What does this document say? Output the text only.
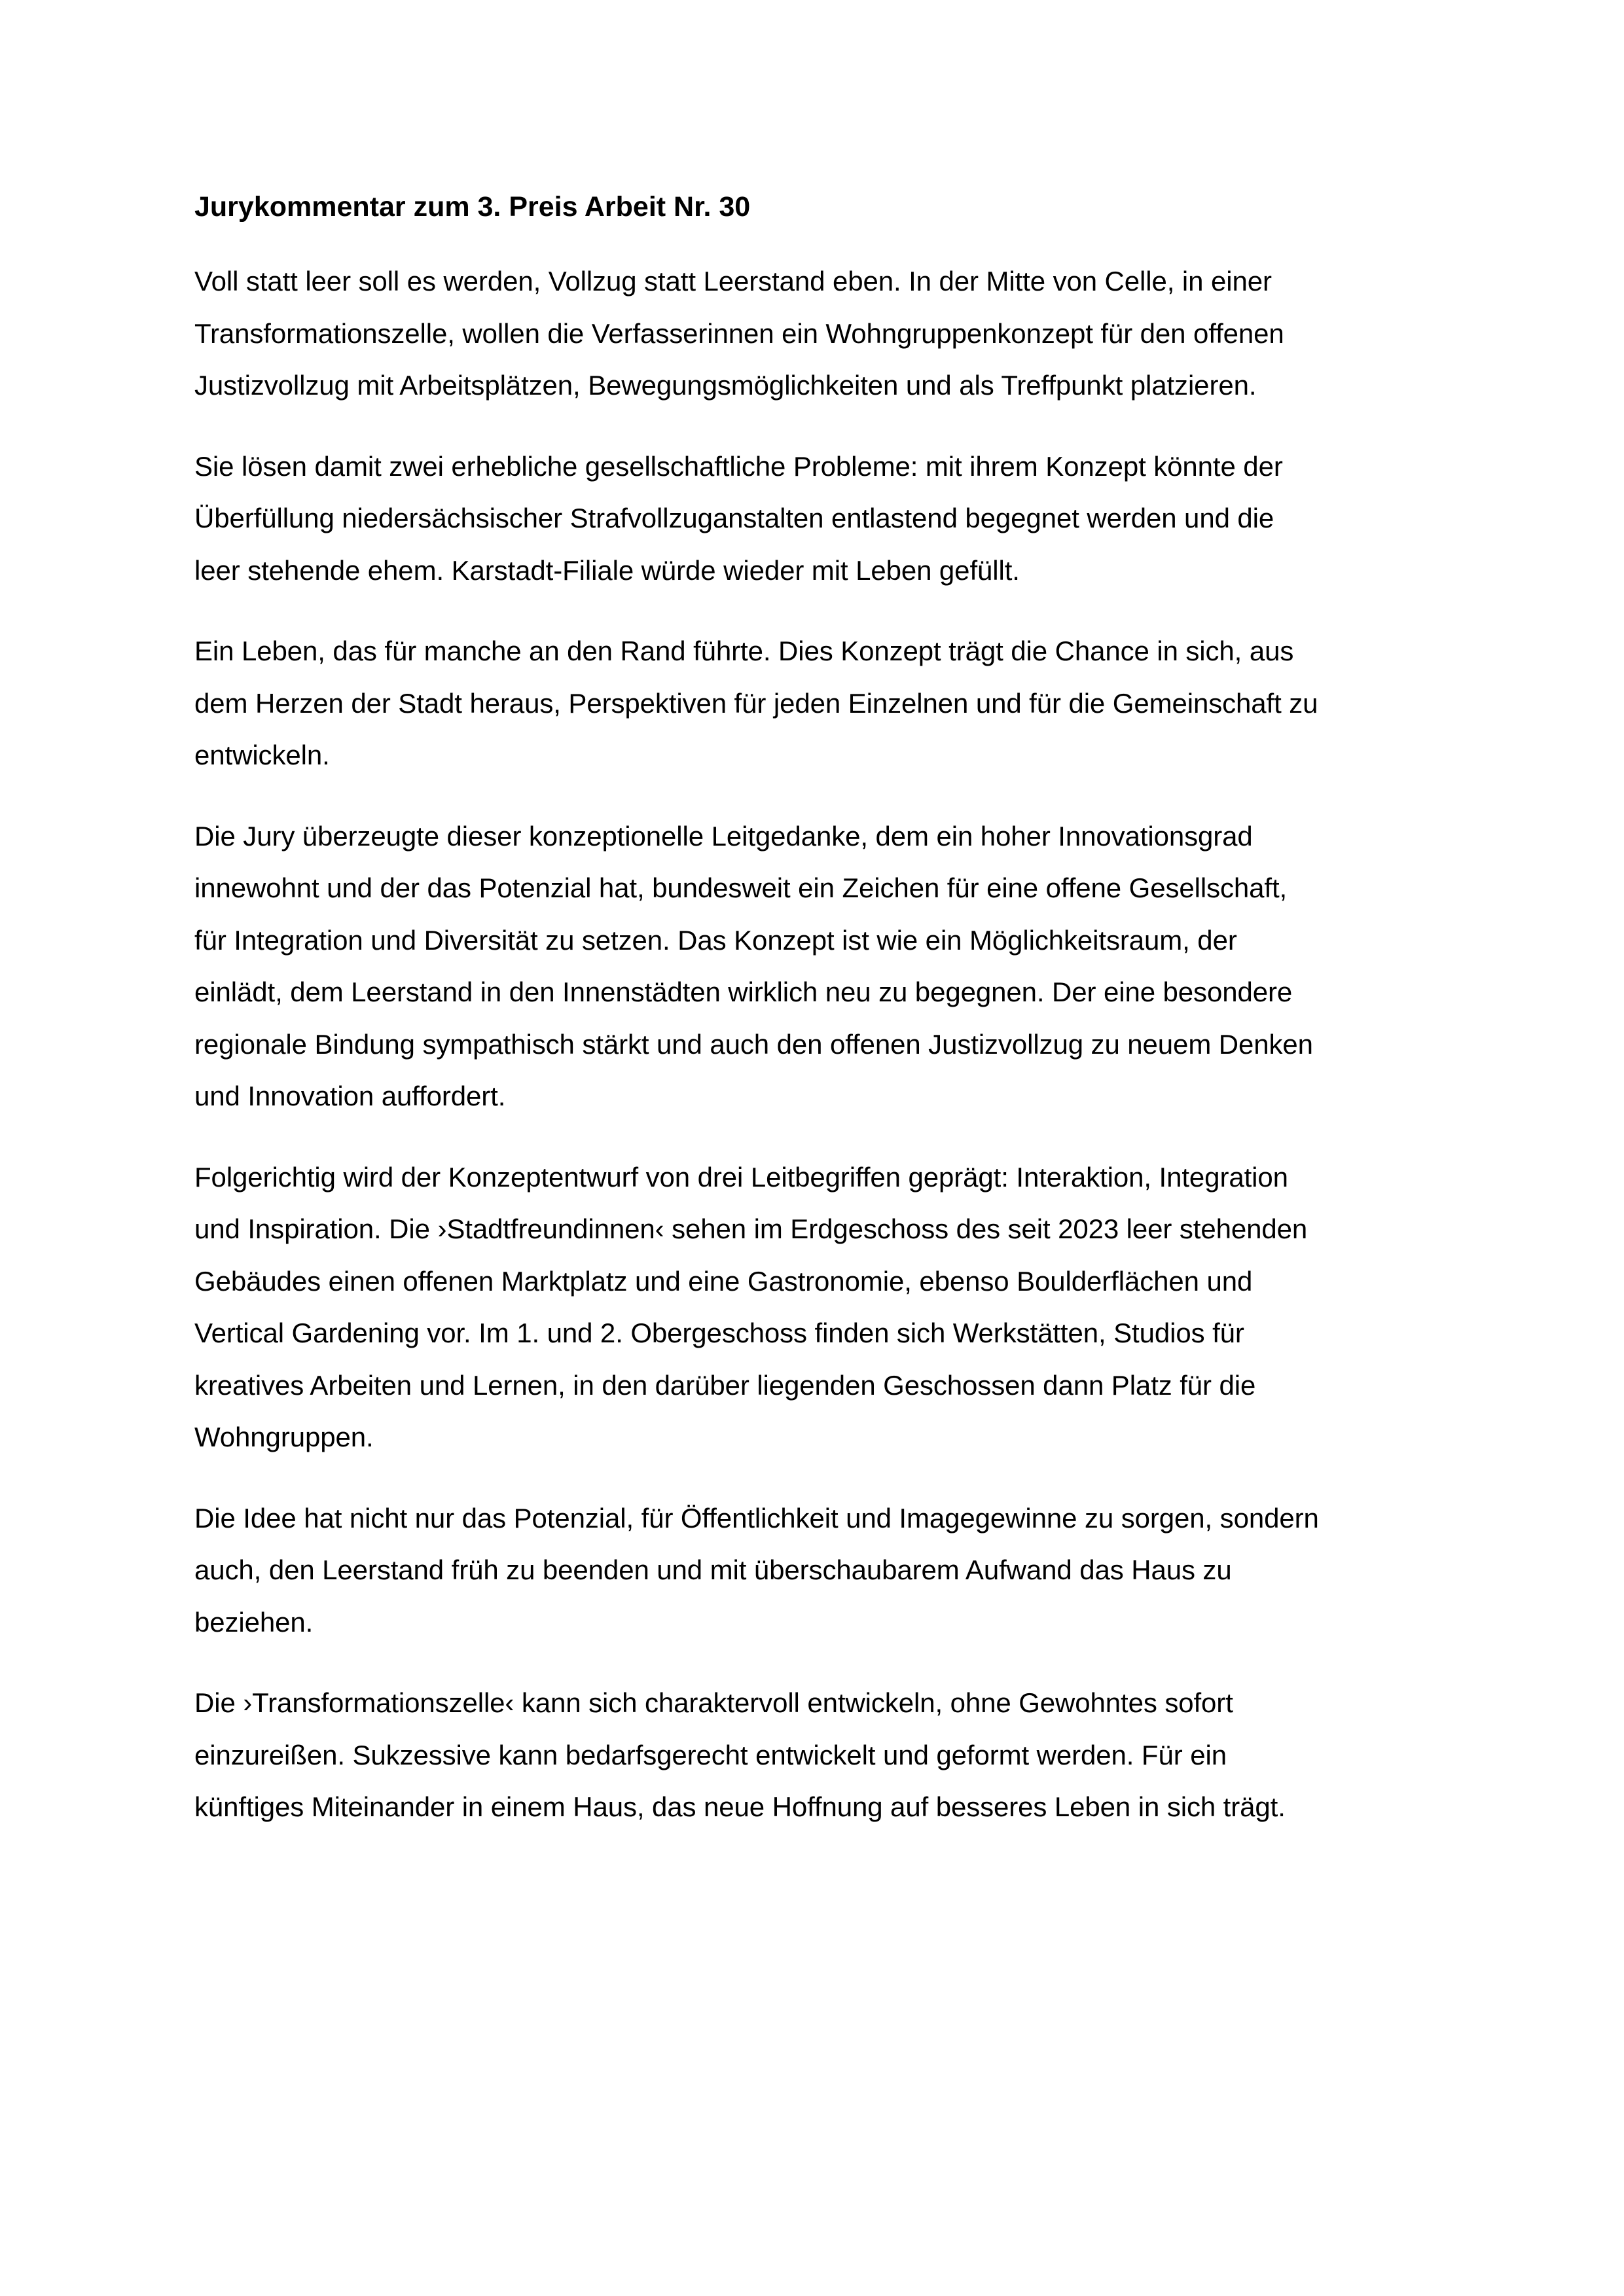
Jurykommentar zum 3. Preis Arbeit Nr. 30
Voll statt leer soll es werden, Vollzug statt Leerstand eben. In der Mitte von Celle, in einer
Transformationszelle, wollen die Verfasserinnen ein Wohngruppenkonzept für den offenen
Justizvollzug mit Arbeitsplätzen, Bewegungsmöglichkeiten und als Treffpunkt platzieren.
Sie lösen damit zwei erhebliche gesellschaftliche Probleme: mit ihrem Konzept könnte der
Überfüllung niedersächsischer Strafvollzuganstalten entlastend begegnet werden und die
leer stehende ehem. Karstadt-Filiale würde wieder mit Leben gefüllt.
Ein Leben, das für manche an den Rand führte. Dies Konzept trägt die Chance in sich, aus
dem Herzen der Stadt heraus, Perspektiven für jeden Einzelnen und für die Gemeinschaft zu
entwickeln.
Die Jury überzeugte dieser konzeptionelle Leitgedanke, dem ein hoher Innovationsgrad
innewohnt und der das Potenzial hat, bundesweit ein Zeichen für eine offene Gesellschaft,
für Integration und Diversität zu setzen. Das Konzept ist wie ein Möglichkeitsraum, der
einlädt, dem Leerstand in den Innenstädten wirklich neu zu begegnen. Der eine besondere
regionale Bindung sympathisch stärkt und auch den offenen Justizvollzug zu neuem Denken
und Innovation auffordert.
Folgerichtig wird der Konzeptentwurf von drei Leitbegriffen geprägt: Interaktion, Integration
und Inspiration. Die ›Stadtfreundinnen‹ sehen im Erdgeschoss des seit 2023 leer stehenden
Gebäudes einen offenen Marktplatz und eine Gastronomie, ebenso Boulderflächen und
Vertical Gardening vor. Im 1. und 2. Obergeschoss finden sich Werkstätten, Studios für
kreatives Arbeiten und Lernen, in den darüber liegenden Geschossen dann Platz für die
Wohngruppen.
Die Idee hat nicht nur das Potenzial, für Öffentlichkeit und Imagegewinne zu sorgen, sondern
auch, den Leerstand früh zu beenden und mit überschaubarem Aufwand das Haus zu
beziehen.
Die ›Transformationszelle‹ kann sich charaktervoll entwickeln, ohne Gewohntes sofort
einzureißen. Sukzessive kann bedarfsgerecht entwickelt und geformt werden. Für ein
künftiges Miteinander in einem Haus, das neue Hoffnung auf besseres Leben in sich trägt.
